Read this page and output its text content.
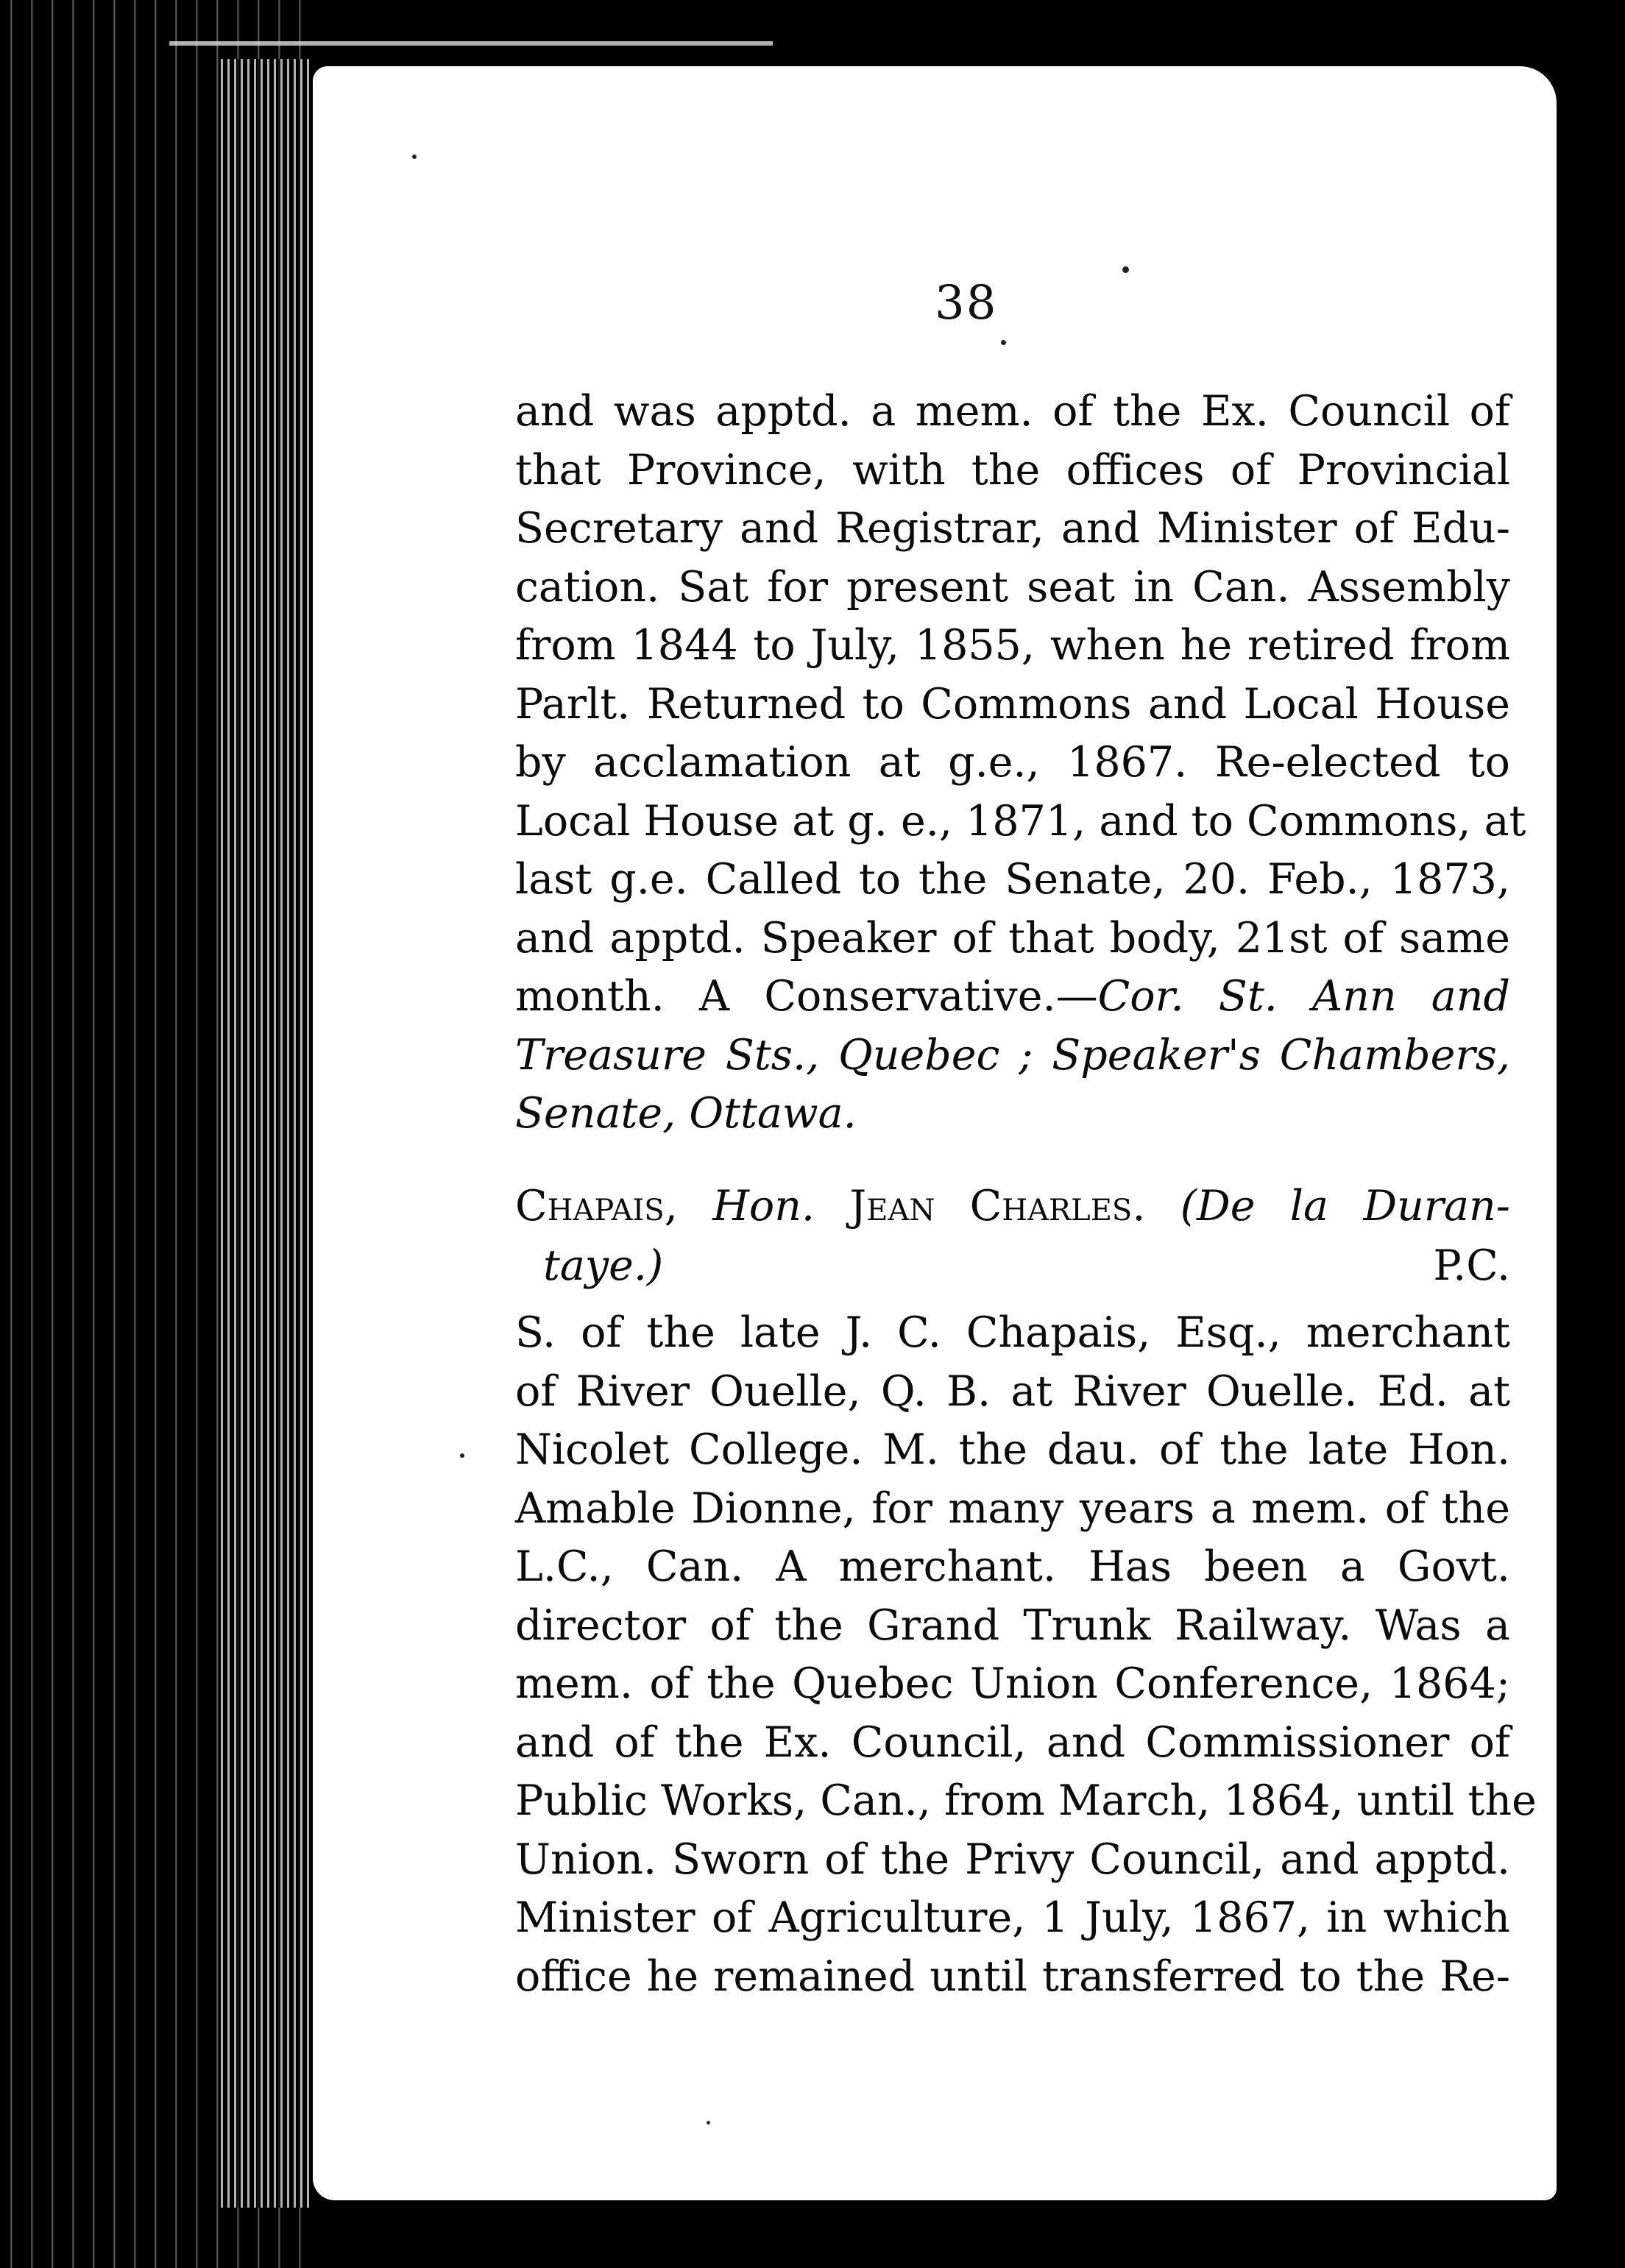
38
and was apptd. a mem. of the Ex. Council of
that Province, with the offices of Provincial
Secretary and Registrar, and Minister of Edu-
cation. Sat for present seat in Can. Assembly
from 1844 to July, 1855, when he retired from
Parlt. Returned to Commons and Local House
by acclamation at g.e., 1867. Re-elected to
Local House at g. e., 1871, and to Commons, at
last g.e. Called to the Senate, 20. Feb., 1873,
and apptd. Speaker of that body, 21st of same
month. A Conservative.—Cor. St. Ann and
Treasure Sts., Quebec ; Speaker's Chambers,
Senate, Ottawa.
Chapais, Hon. Jean Charles. (De la Duran-
taye.)	P.C.
S. of the late J. C. Chapais, Esq., merchant
of River Ouelle, Q. B. at River Ouelle. Ed. at
Nicolet College. M. the dau. of the late Hon.
Amable Dionne, for many years a mem. of the
L.C., Can. A merchant. Has been a Govt.
director of the Grand Trunk Railway. Was a
mem. of the Quebec Union Conference, 1864;
and of the Ex. Council, and Commissioner of
Public Works, Can., from March, 1864, until the
Union. Sworn of the Privy Council, and apptd.
Minister of Agriculture, 1 July, 1867, in which
office he remained until transferred to the Re-
